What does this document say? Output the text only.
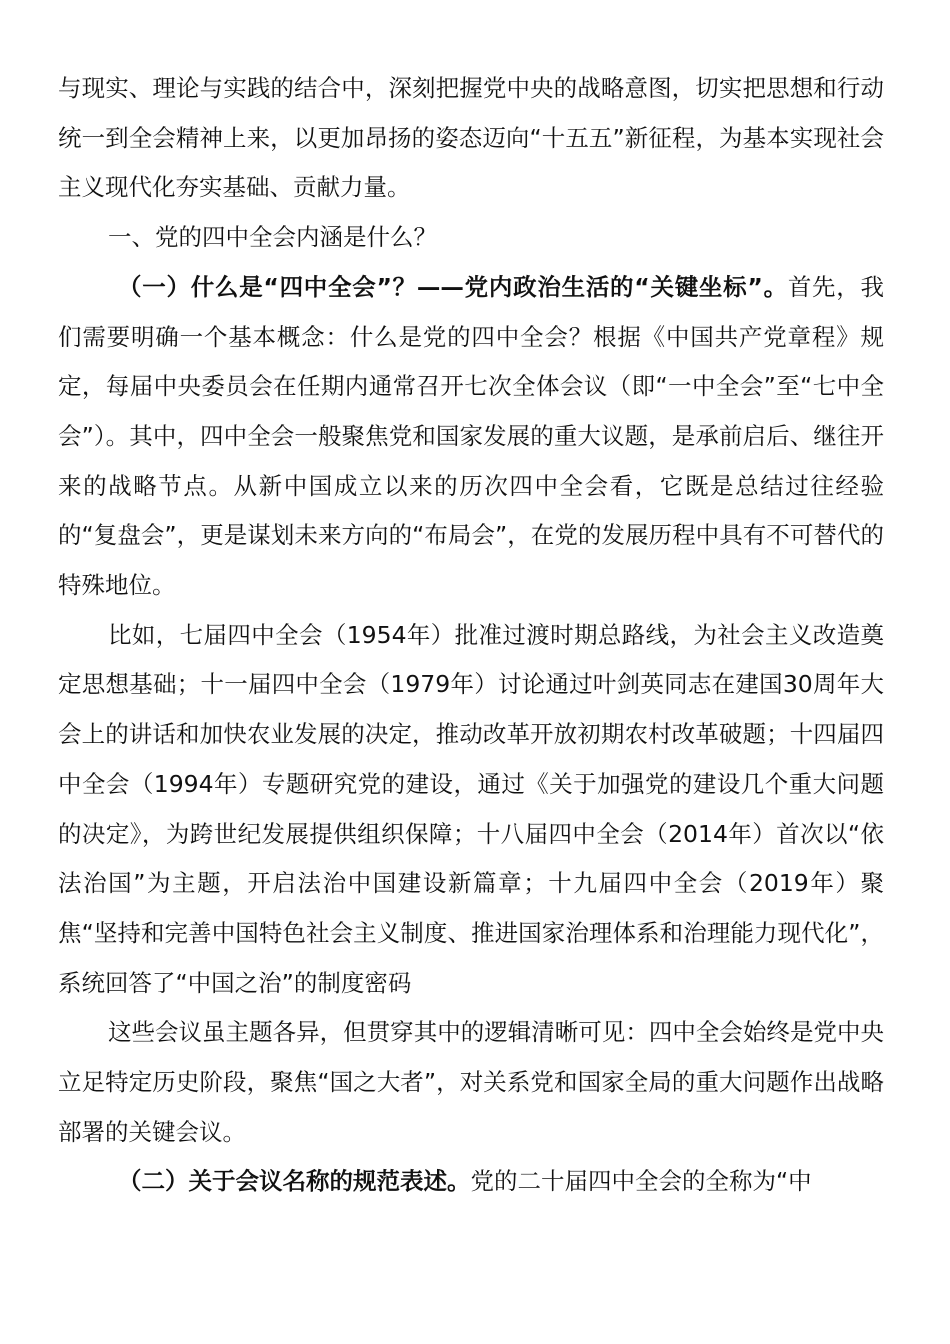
与现实、理论与实践的结合中，深刻把握党中央的战略意图，切实把思想和行动统一到全会精神上来，以更加昂扬的姿态迈向“十五五”新征程，为基本实现社会主义现代化夯实基础、贡献力量。

一、党的四中全会内涵是什么？

（一）什么是“四中全会”？——党内政治生活的“关键坐标”。首先，我们需要明确一个基本概念：什么是党的四中全会？根据《中国共产党章程》规定，每届中央委员会在任期内通常召开七次全体会议（即“一中全会”至“七中全会”）。其中，四中全会一般聚焦党和国家发展的重大议题，是承前启后、继往开来的战略节点。从新中国成立以来的历次四中全会看，它既是总结过往经验的“复盘会”，更是谋划未来方向的“布局会”，在党的发展历程中具有不可替代的特殊地位。

比如，七届四中全会（1954年）批准过渡时期总路线，为社会主义改造奠定思想基础；十一届四中全会（1979年）讨论通过叶剑英同志在建国30周年大会上的讲话和加快农业发展的决定，推动改革开放初期农村改革破题；十四届四中全会（1994年）专题研究党的建设，通过《关于加强党的建设几个重大问题的决定》，为跨世纪发展提供组织保障；十八届四中全会（2014年）首次以“依法治国”为主题，开启法治中国建设新篇章；十九届四中全会（2019年）聚焦“坚持和完善中国特色社会主义制度、推进国家治理体系和治理能力现代化”，系统回答了“中国之治”的制度密码

这些会议虽主题各异，但贯穿其中的逻辑清晰可见：四中全会始终是党中央立足特定历史阶段，聚焦“国之大者”，对关系党和国家全局的重大问题作出战略部署的关键会议。

（二）关于会议名称的规范表述。党的二十届四中全会的全称为“中
